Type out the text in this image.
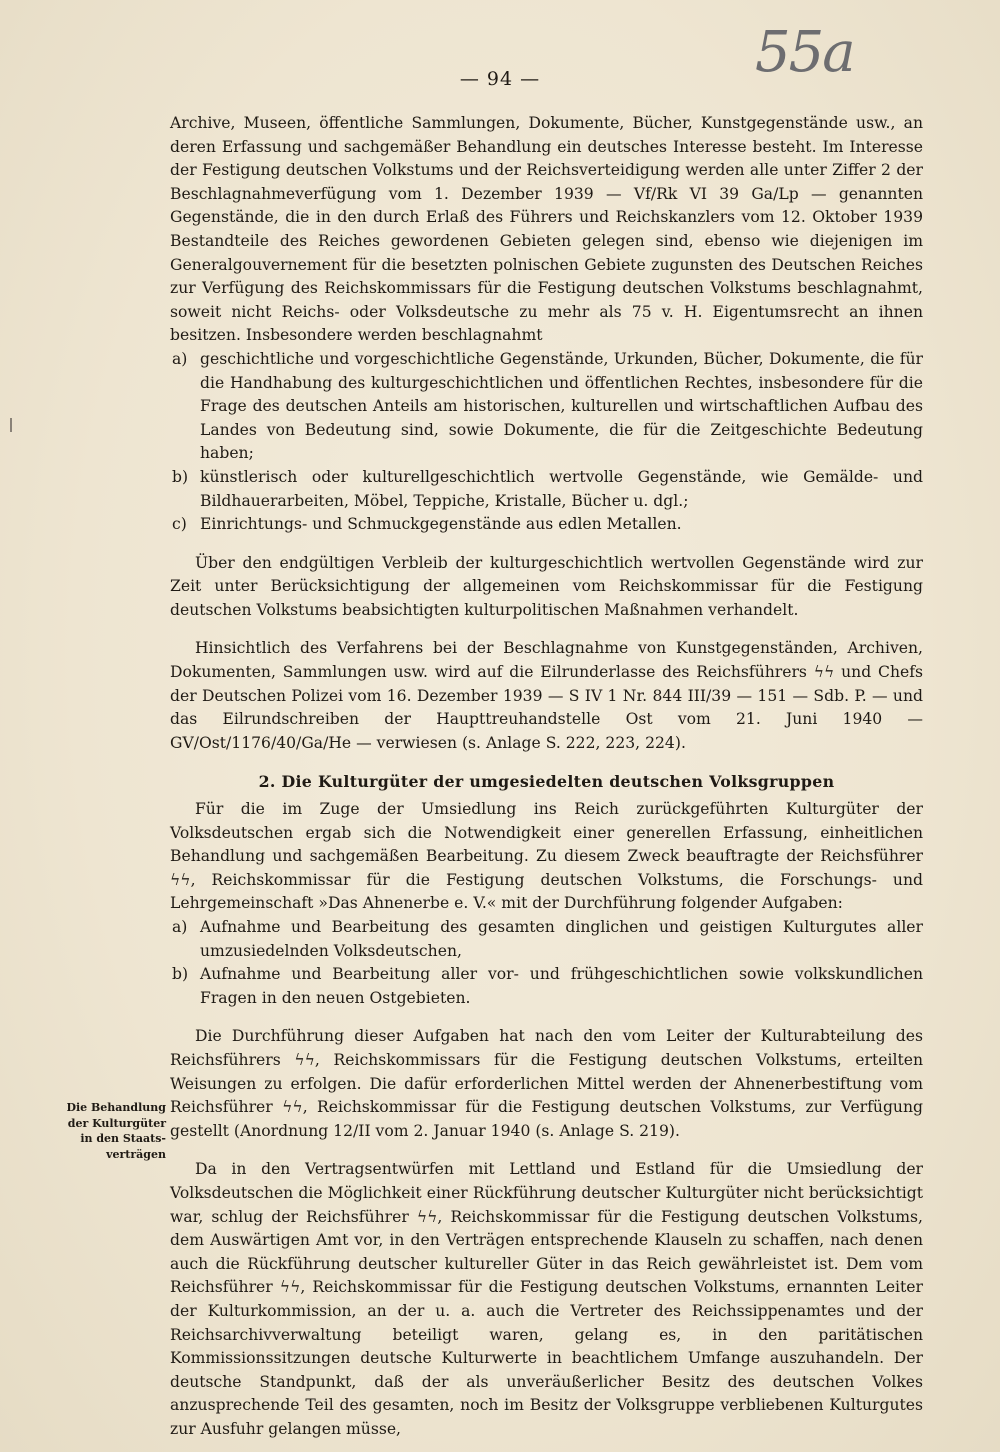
55a
— 94 —
Die Behandlung
der Kulturgüter
in den Staats-
verträgen

Archive, Museen, öffentliche Sammlungen, Dokumente, Bücher, Kunstgegenstände usw., an deren Erfassung und sachgemäßer Behandlung ein deutsches Interesse besteht. Im Interesse der Festigung deutschen Volkstums und der Reichsverteidigung werden alle unter Ziffer 2 der Beschlagnahmeverfügung vom 1. Dezember 1939 — Vf/Rk VI 39 Ga/Lp — genannten Gegenstände, die in den durch Erlaß des Führers und Reichskanzlers vom 12. Oktober 1939 Bestandteile des Reiches gewordenen Gebieten gelegen sind, ebenso wie diejenigen im Generalgouvernement für die besetzten polnischen Gebiete zugunsten des Deutschen Reiches zur Verfügung des Reichskommissars für die Festigung deutschen Volkstums beschlagnahmt, soweit nicht Reichs- oder Volksdeutsche zu mehr als 75 v. H. Eigentumsrecht an ihnen besitzen. Insbesondere werden beschlagnahmt

a) geschichtliche und vorgeschichtliche Gegenstände, Urkunden, Bücher, Dokumente, die für die Handhabung des kulturgeschichtlichen und öffentlichen Rechtes, insbesondere für die Frage des deutschen Anteils am historischen, kulturellen und wirtschaftlichen Aufbau des Landes von Bedeutung sind, sowie Dokumente, die für die Zeitgeschichte Bedeutung haben;
b) künstlerisch oder kulturellgeschichtlich wertvolle Gegenstände, wie Gemälde- und Bildhauerarbeiten, Möbel, Teppiche, Kristalle, Bücher u. dgl.;
c) Einrichtungs- und Schmuckgegenstände aus edlen Metallen.

Über den endgültigen Verbleib der kulturgeschichtlich wertvollen Gegenstände wird zur Zeit unter Berücksichtigung der allgemeinen vom Reichskommissar für die Festigung deutschen Volkstums beabsichtigten kulturpolitischen Maßnahmen verhandelt.

Hinsichtlich des Verfahrens bei der Beschlagnahme von Kunstgegenständen, Archiven, Dokumenten, Sammlungen usw. wird auf die Eilrunderlasse des Reichsführers ϟϟ und Chefs der Deutschen Polizei vom 16. Dezember 1939 — S IV 1 Nr. 844 III/39 — 151 — Sdb. P. — und das Eilrundschreiben der Haupttreuhandstelle Ost vom 21. Juni 1940 — GV/Ost/1176/40/Ga/He — verwiesen (s. Anlage S. 222, 223, 224).

2. Die Kulturgüter der umgesiedelten deutschen Volksgruppen

Für die im Zuge der Umsiedlung ins Reich zurückgeführten Kulturgüter der Volksdeutschen ergab sich die Notwendigkeit einer generellen Erfassung, einheitlichen Behandlung und sachgemäßen Bearbeitung. Zu diesem Zweck beauftragte der Reichsführer ϟϟ, Reichskommissar für die Festigung deutschen Volkstums, die Forschungs- und Lehrgemeinschaft »Das Ahnenerbe e. V.« mit der Durchführung folgender Aufgaben:

a) Aufnahme und Bearbeitung des gesamten dinglichen und geistigen Kulturgutes aller umzusiedelnden Volksdeutschen,
b) Aufnahme und Bearbeitung aller vor- und frühgeschichtlichen sowie volkskundlichen Fragen in den neuen Ostgebieten.

Die Durchführung dieser Aufgaben hat nach den vom Leiter der Kulturabteilung des Reichsführers ϟϟ, Reichskommissars für die Festigung deutschen Volkstums, erteilten Weisungen zu erfolgen. Die dafür erforderlichen Mittel werden der Ahnenerbestiftung vom Reichsführer ϟϟ, Reichskommissar für die Festigung deutschen Volkstums, zur Verfügung gestellt (Anordnung 12/II vom 2. Januar 1940 (s. Anlage S. 219).

Da in den Vertragsentwürfen mit Lettland und Estland für die Umsiedlung der Volksdeutschen die Möglichkeit einer Rückführung deutscher Kulturgüter nicht berücksichtigt war, schlug der Reichsführer ϟϟ, Reichskommissar für die Festigung deutschen Volkstums, dem Auswärtigen Amt vor, in den Verträgen entsprechende Klauseln zu schaffen, nach denen auch die Rückführung deutscher kultureller Güter in das Reich gewährleistet ist. Dem vom Reichsführer ϟϟ, Reichskommissar für die Festigung deutschen Volkstums, ernannten Leiter der Kulturkommission, an der u. a. auch die Vertreter des Reichssippenamtes und der Reichsarchivverwaltung beteiligt waren, gelang es, in den paritätischen Kommissionssitzungen deutsche Kulturwerte in beachtlichem Umfange auszuhandeln. Der deutsche Standpunkt, daß der als unveräußerlicher Besitz des deutschen Volkes anzusprechende Teil des gesamten, noch im Besitz der Volksgruppe verbliebenen Kulturgutes zur Ausfuhr gelangen müsse,
